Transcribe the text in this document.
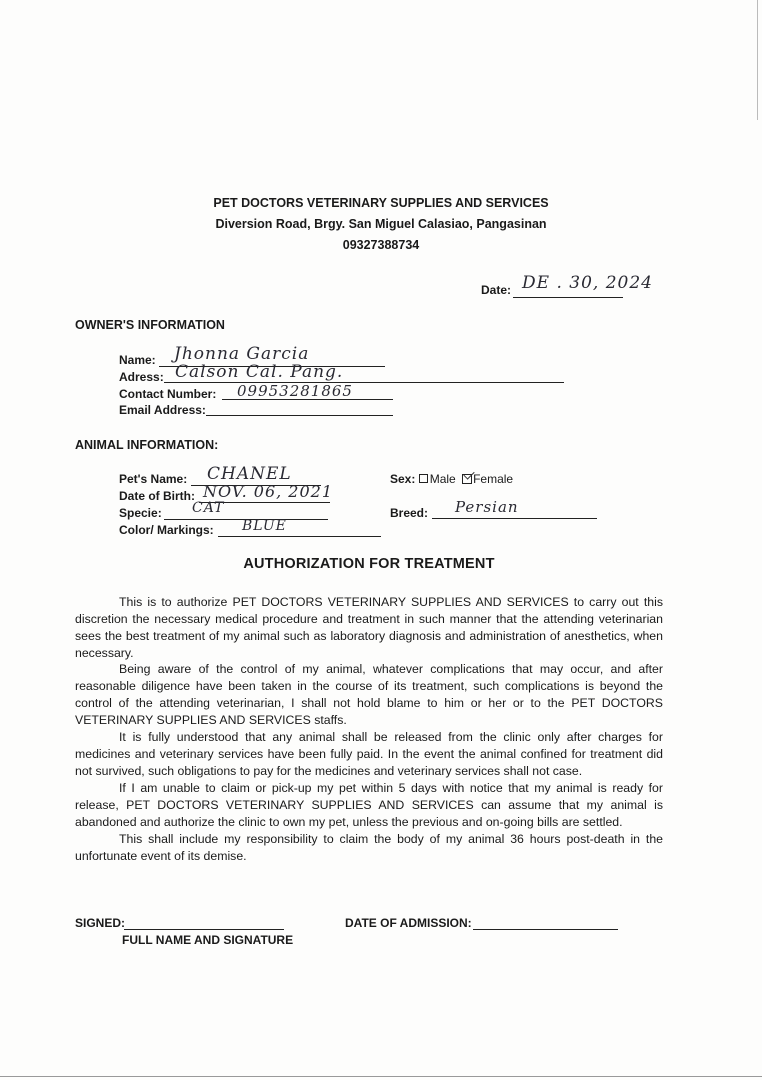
PET DOCTORS VETERINARY SUPPLIES AND SERVICES
Diversion Road, Brgy. San Miguel Calasiao, Pangasinan
09327388734
Date: DE . 30, 2024
OWNER'S INFORMATION
Name: Jhonna Garcia
Adress: Calson Cal. Pang.
Contact Number: 09953281865
Email Address:
ANIMAL INFORMATION:
Pet's Name: CHANEL
Date of Birth: NOV. 06, 2021
Specie: CAT
Color/ Markings: BLUE
Sex: Male Female
Breed: Persian
AUTHORIZATION FOR TREATMENT
This is to authorize PET DOCTORS VETERINARY SUPPLIES AND SERVICES to carry out this discretion the necessary medical procedure and treatment in such manner that the attending veterinarian sees the best treatment of my animal such as laboratory diagnosis and administration of anesthetics, when necessary.
Being aware of the control of my animal, whatever complications that may occur, and after reasonable diligence have been taken in the course of its treatment, such complications is beyond the control of the attending veterinarian, I shall not hold blame to him or her or to the PET DOCTORS VETERINARY SUPPLIES AND SERVICES staffs.
It is fully understood that any animal shall be released from the clinic only after charges for medicines and veterinary services have been fully paid. In the event the animal confined for treatment did not survived, such obligations to pay for the medicines and veterinary services shall not case.
If I am unable to claim or pick-up my pet within 5 days with notice that my animal is ready for release, PET DOCTORS VETERINARY SUPPLIES AND SERVICES can assume that my animal is abandoned and authorize the clinic to own my pet, unless the previous and on-going bills are settled.
This shall include my responsibility to claim the body of my animal 36 hours post-death in the unfortunate event of its demise.
SIGNED:
FULL NAME AND SIGNATURE
DATE OF ADMISSION:
